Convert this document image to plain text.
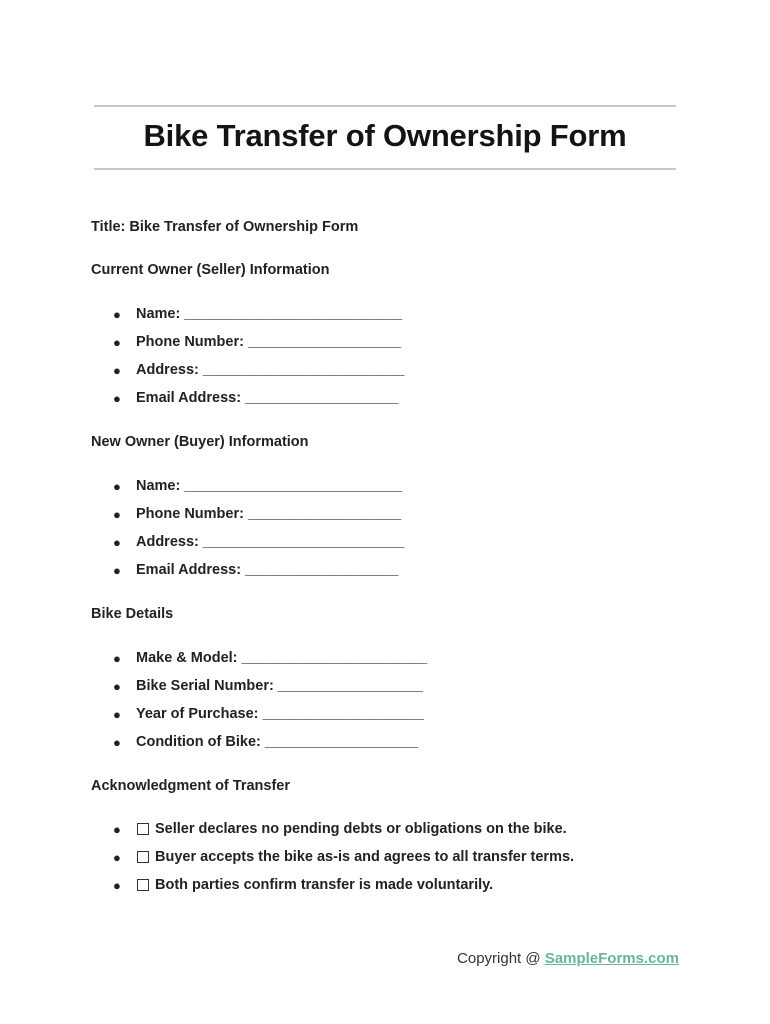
Bike Transfer of Ownership Form
Title: Bike Transfer of Ownership Form
Current Owner (Seller) Information
●	Name: ___________________________
●	Phone Number: ___________________
●	Address: _________________________
●	Email Address: ___________________
New Owner (Buyer) Information
●	Name: ___________________________
●	Phone Number: ___________________
●	Address: _________________________
●	Email Address: ___________________
Bike Details
●	Make & Model: _______________________
●	Bike Serial Number: __________________
●	Year of Purchase: ____________________
●	Condition of Bike: ___________________
Acknowledgment of Transfer
●	Seller declares no pending debts or obligations on the bike.
●	Buyer accepts the bike as-is and agrees to all transfer terms.
●	Both parties confirm transfer is made voluntarily.
Copyright @ SampleForms.com
